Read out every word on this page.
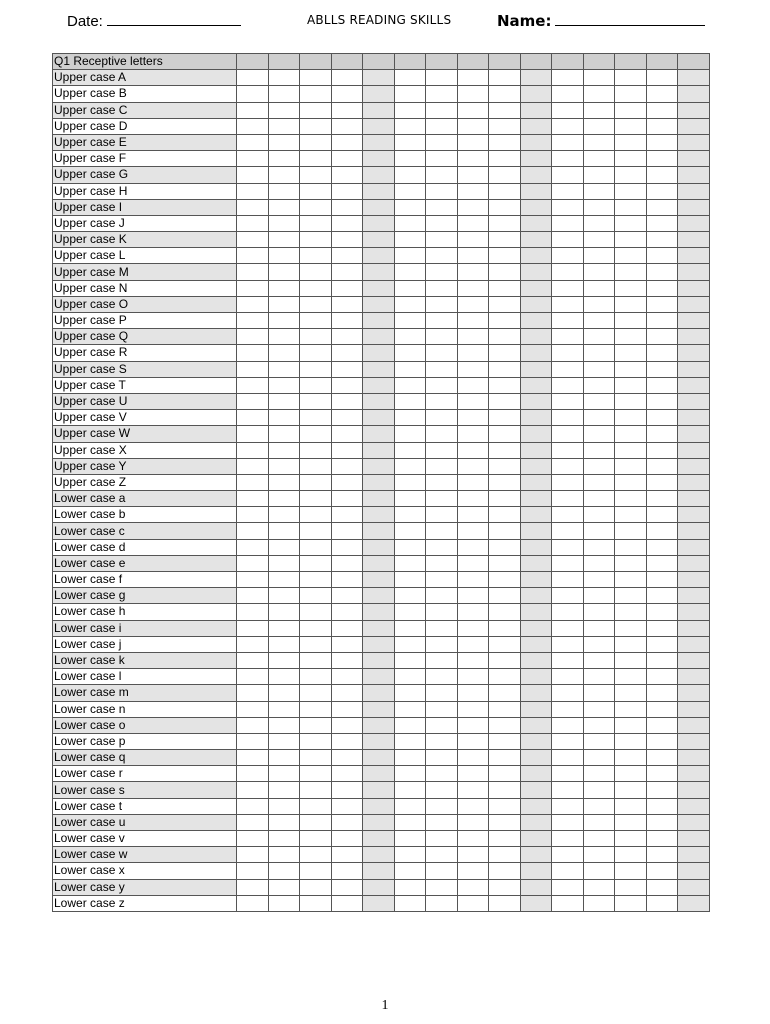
Date:	ABLLS READING SKILLS	Name:
Q1 Receptive letters															
Upper case A															
Upper case B															
Upper case C															
Upper case D															
Upper case E															
Upper case F															
Upper case G															
Upper case H															
Upper case I															
Upper case J															
Upper case K															
Upper case L															
Upper case M															
Upper case N															
Upper case O															
Upper case P															
Upper case Q															
Upper case R															
Upper case S															
Upper case T															
Upper case U															
Upper case V															
Upper case W															
Upper case X															
Upper case Y															
Upper case Z															
Lower case a															
Lower case b															
Lower case c															
Lower case d															
Lower case e															
Lower case f															
Lower case g															
Lower case h															
Lower case i															
Lower case j															
Lower case k															
Lower case l															
Lower case m															
Lower case n															
Lower case o															
Lower case p															
Lower case q															
Lower case r															
Lower case s															
Lower case t															
Lower case u															
Lower case v															
Lower case w															
Lower case x															
Lower case y															
Lower case z															
1
